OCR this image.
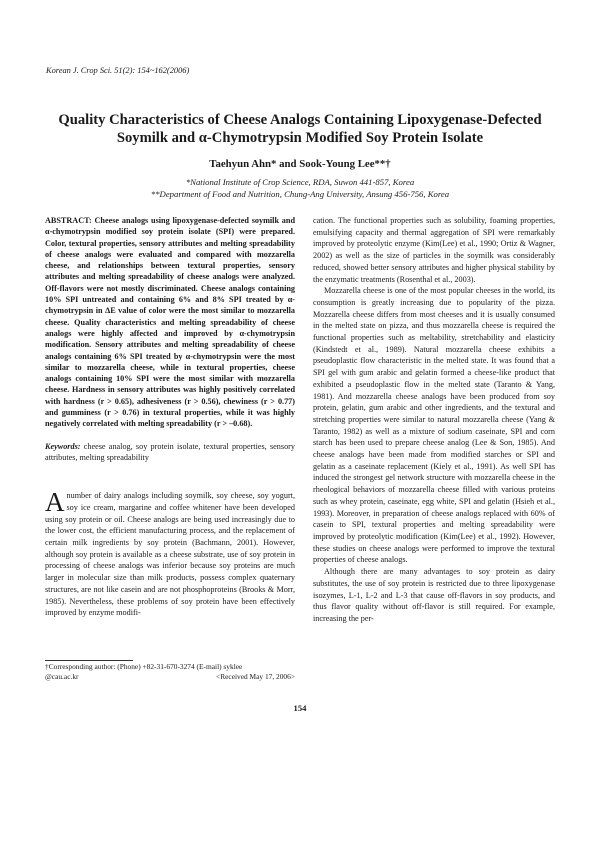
Korean J. Crop Sci. 51(2): 154~162(2006)
Quality Characteristics of Cheese Analogs Containing Lipoxygenase-Defected
Soymilk and α-Chymotrypsin Modified Soy Protein Isolate
Taehyun Ahn* and Sook-Young Lee**†
*National Institute of Crop Science, RDA, Suwon 441-857, Korea
**Department of Food and Nutrition, Chung-Ang University, Ansung 456-756, Korea

ABSTRACT: Cheese analogs using lipoxygenase-defected soymilk and α-chymotrypsin modified soy protein isolate (SPI) were prepared. Color, textural properties, sensory attributes and melting spreadability of cheese analogs were evaluated and compared with mozzarella cheese, and relationships between textural properties, sensory attributes and melting spreadability of cheese analogs were analyzed. Off-flavors were not mostly discriminated. Cheese analogs containing 10% SPI untreated and containing 6% and 8% SPI treated by α-chymotrypsin in ΔE value of color were the most similar to mozzarella cheese. Quality characteristics and melting spreadability of cheese analogs were highly affected and improved by α-chymotrypsin modification. Sensory attributes and melting spreadability of cheese analogs containing 6% SPI treated by α-chymotrypsin were the most similar to mozzarella cheese, while in textural properties, cheese analogs containing 10% SPI were the most similar with mozzarella cheese. Hardness in sensory attributes was highly positively correlated with hardness (r > 0.65), adhesiveness (r > 0.56), chewiness (r > 0.77) and gumminess (r > 0.76) in textural properties, while it was highly negatively correlated with melting spreadability (r > –0.68).

Keywords: cheese analog, soy protein isolate, textural properties, sensory attributes, melting spreadability

Anumber of dairy analogs including soymilk, soy cheese, soy yogurt, soy ice cream, margarine and coffee whitener have been developed using soy protein or oil. Cheese analogs are being used increasingly due to the lower cost, the efficient manufacturing process, and the replacement of certain milk ingredients by soy protein (Bachmann, 2001). However, although soy protein is available as a cheese substrate, use of soy protein in processing of cheese analogs was inferior because soy proteins are much larger in molecular size than milk products, possess complex quaternary structures, are not like casein and are not phosphoproteins (Brooks & Morr, 1985). Nevertheless, these problems of soy protein have been effectively improved by enzyme modifi-

cation. The functional properties such as solubility, foaming properties, emulsifying capacity and thermal aggregation of SPI were remarkably improved by proteolytic enzyme (Kim(Lee) et al., 1990; Ortiz & Wagner, 2002) as well as the size of particles in the soymilk was considerably reduced, showed better sensory attributes and higher physical stability by the enzymatic treatments (Rosenthal et al., 2003).

Mozzarella cheese is one of the most popular cheeses in the world, its consumption is greatly increasing due to popularity of the pizza. Mozzarella cheese differs from most cheeses and it is usually consumed in the melted state on pizza, and thus mozzarella cheese is required the functional properties such as meltability, stretchability and elasticity (Kindstedt et al., 1989). Natural mozzarella cheese exhibits a pseudoplastic flow characteristic in the melted state. It was found that a SPI gel with gum arabic and gelatin formed a cheese-like product that exhibited a pseudoplastic flow in the melted state (Taranto & Yang, 1981). And mozzarella cheese analogs have been produced from soy protein, gelatin, gum arabic and other ingredients, and the textural and stretching properties were similar to natural mozzarella cheese (Yang & Taranto, 1982) as well as a mixture of sodium caseinate, SPI and corn starch has been used to prepare cheese analog (Lee & Son, 1985). And cheese analogs have been made from modified starches or SPI and gelatin as a caseinate replacement (Kiely et al., 1991). As well SPI has induced the strongest gel network structure with mozzarella cheese in the rheological behaviors of mozzarella cheese filled with various proteins such as whey protein, caseinate, egg white, SPI and gelatin (Hsieh et al., 1993). Moreover, in preparation of cheese analogs replaced with 60% of casein to SPI, textural properties and melting spreadability were improved by proteolytic modification (Kim(Lee) et al., 1992). However, these studies on cheese analogs were performed to improve the textural properties of cheese analogs.

Although there are many advantages to soy protein as dairy substitutes, the use of soy protein is restricted due to three lipoxygenase isozymes, L-1, L-2 and L-3 that cause off-flavors in soy products, and thus flavor quality without off-flavor is still required. For example, increasing the per-

†Corresponding author: (Phone) +82-31-670-3274 (E-mail) syklee
@cau.ac.kr	<Received May 17, 2006>
154
